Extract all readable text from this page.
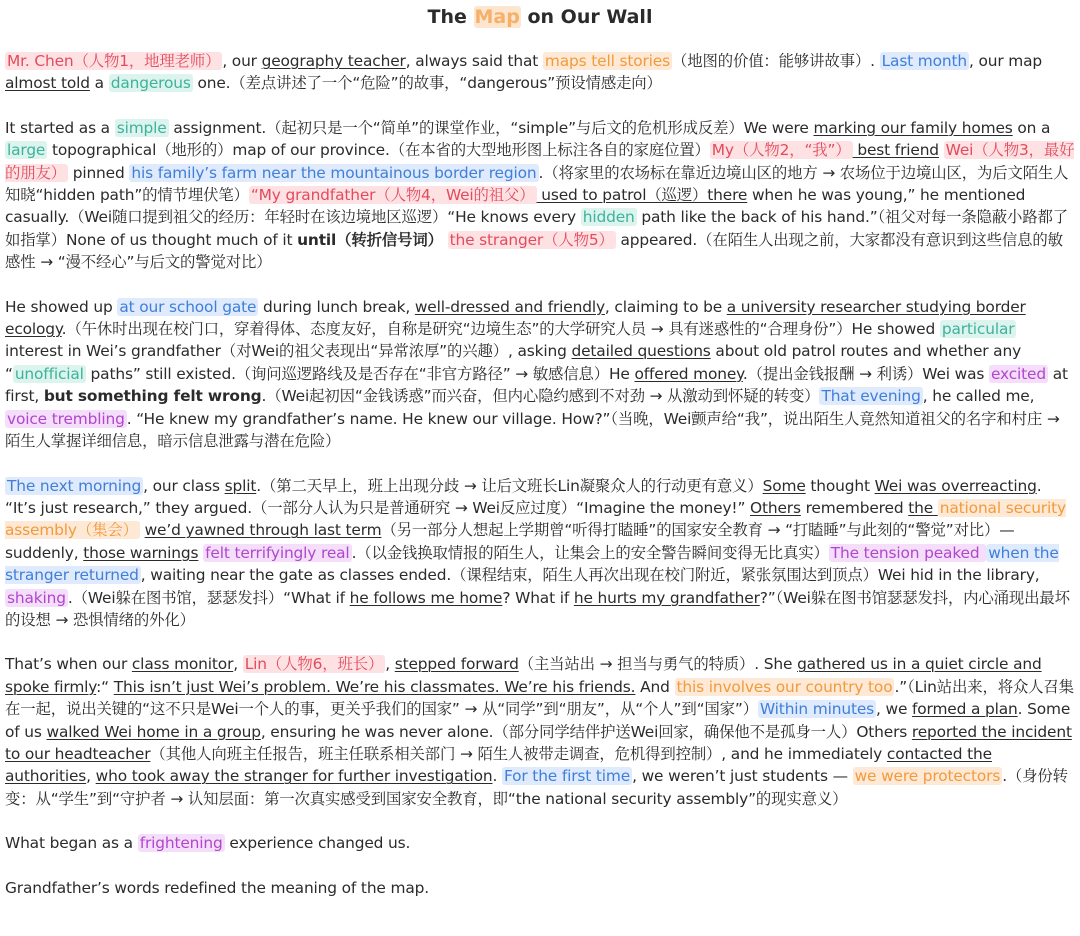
The Map on Our Wall

Mr. Chen（人物1，地理老师） , our geography teacher, always said that maps tell stories （地图的价值：能够讲故事）. Last month , our map almost told a dangerous one.（差点讲述了一个“危险”的故事，“dangerous”预设情感走向）

It started as a simple assignment.（起初只是一个“简单”的课堂作业，“simple”与后文的危机形成反差）We were marking our family homes on a large topographical（地形的）map of our province.（在本省的大型地形图上标注各自的家庭位置） My（人物2，“我”） best friend Wei（人物3，最好的朋友） pinned his family’s farm near the mountainous border region .（将家里的农场标在靠近边境山区的地方 → 农场位于边境山区，为后文陌生人知晓“hidden path”的情节埋伏笔） “My grandfather（人物4，Wei的祖父） used to patrol（巡逻）there when he was young,” he mentioned casually.（Wei随口提到祖父的经历：年轻时在该边境地区巡逻）“He knows every hidden path like the back of his hand.”（祖父对每一条隐蔽小路都了如指掌）None of us thought much of it until（转折信号词） the stranger（人物5） appeared.（在陌生人出现之前，大家都没有意识到这些信息的敏感性 → “漫不经心”与后文的警觉对比）

He showed up at our school gate during lunch break, well-dressed and friendly, claiming to be a university researcher studying border ecology.（午休时出现在校门口，穿着得体、态度友好，自称是研究“边境生态”的大学研究人员 → 具有迷惑性的“合理身份”）He showed particular interest in Wei’s grandfather（对Wei的祖父表现出“异常浓厚”的兴趣）, asking detailed questions about old patrol routes and whether any “ unofficial paths” still existed.（询问巡逻路线及是否存在“非官方路径” → 敏感信息）He offered money.（提出金钱报酬 → 利诱）Wei was excited at first, but something felt wrong.（Wei起初因“金钱诱惑”而兴奋，但内心隐约感到不对劲 → 从激动到怀疑的转变） That evening , he called me, voice trembling . “He knew my grandfather’s name. He knew our village. How?”（当晚，Wei颤声给“我”，说出陌生人竟然知道祖父的名字和村庄 → 陌生人掌握详细信息，暗示信息泄露与潜在危险）

The next morning , our class split.（第二天早上，班上出现分歧 → 让后文班长Lin凝聚众人的行动更有意义）Some thought Wei was overreacting. “It’s just research,” they argued.（一部分人认为只是普通研究 → Wei反应过度）“Imagine the money!” Others remembered the national security assembly（集会） we’d yawned through last term（另一部分人想起上学期曾“听得打瞌睡”的国家安全教育 → “打瞌睡”与此刻的“警觉”对比）— suddenly, those warnings felt terrifyingly real .（以金钱换取情报的陌生人，让集会上的安全警告瞬间变得无比真实） The tension peaked when the stranger returned , waiting near the gate as classes ended.（课程结束，陌生人再次出现在校门附近，紧张氛围达到顶点）Wei hid in the library, shaking .（Wei躲在图书馆，瑟瑟发抖）“What if he follows me home? What if he hurts my grandfather?”（Wei躲在图书馆瑟瑟发抖，内心涌现出最坏的设想 → 恐惧情绪的外化）

That’s when our class monitor, Lin（人物6，班长） , stepped forward（主当站出 → 担当与勇气的特质）. She gathered us in a quiet circle and spoke firmly:“ This isn’t just Wei’s problem. We’re his classmates. We’re his friends. And this involves our country too .”（Lin站出来，将众人召集在一起，说出关键的“这不只是Wei一个人的事，更关乎我们的国家” → 从“同学”到“朋友”，从“个人”到“国家”） Within minutes , we formed a plan. Some of us walked Wei home in a group, ensuring he was never alone.（部分同学结伴护送Wei回家，确保他不是孤身一人）Others reported the incident to our headteacher（其他人向班主任报告，班主任联系相关部门 → 陌生人被带走调查，危机得到控制）, and he immediately contacted the authorities, who took away the stranger for further investigation. For the first time , we weren’t just students — we were protectors .（身份转变：从“学生”到“守护者 → 认知层面：第一次真实感受到国家安全教育，即“the national security assembly”的现实意义）

What began as a frightening experience changed us.

Grandfather’s words redefined the meaning of the map.
